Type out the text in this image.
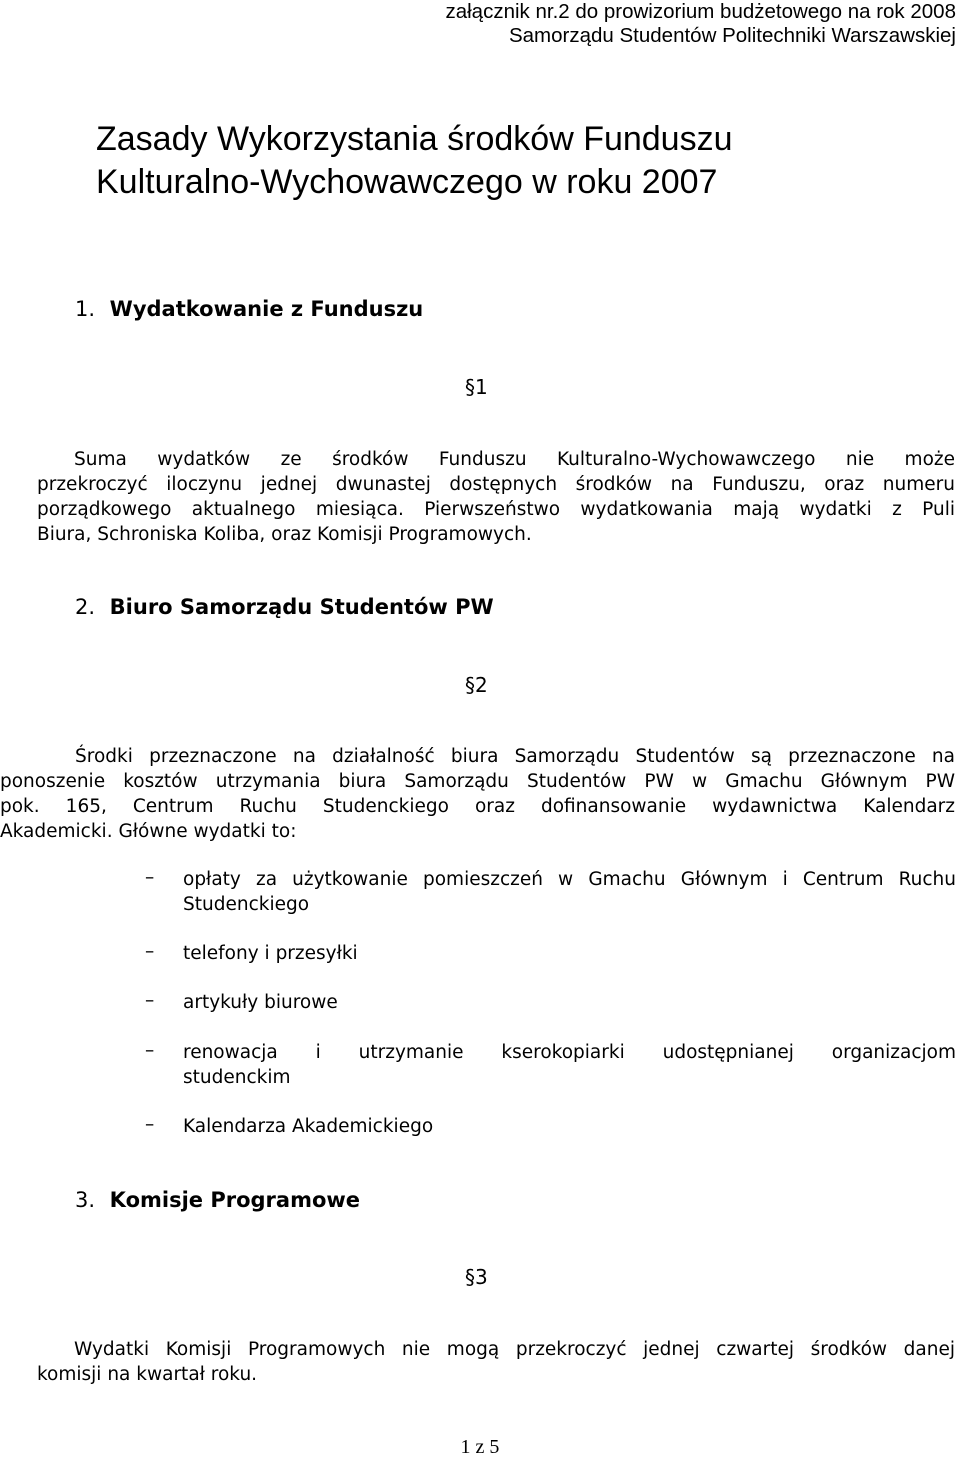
załącznik nr.2 do prowizorium budżetowego na rok 2008
Samorządu Studentów Politechniki Warszawskiej
Zasady Wykorzystania środków Funduszu
Kulturalno-Wychowawczego w roku 2007
1. Wydatkowanie z Funduszu
§1
Suma wydatków ze środków Funduszu Kulturalno-Wychowawczego nie może
przekroczyć iloczynu jednej dwunastej dostępnych środków na Funduszu, oraz numeru
porządkowego aktualnego miesiąca. Pierwszeństwo wydatkowania mają wydatki z Puli
Biura, Schroniska Koliba, oraz Komisji Programowych.
2. Biuro Samorządu Studentów PW
§2
Środki przeznaczone na działalność biura Samorządu Studentów są przeznaczone na
ponoszenie kosztów utrzymania biura Samorządu Studentów PW w Gmachu Głównym PW
pok. 165, Centrum Ruchu Studenckiego oraz dofinansowanie wydawnictwa Kalendarz
Akademicki. Główne wydatki to:
– opłaty za użytkowanie pomieszczeń w Gmachu Głównym i Centrum Ruchu
Studenckiego
– telefony i przesyłki
– artykuły biurowe
– renowacja i utrzymanie kserokopiarki udostępnianej organizacjom
studenckim
– Kalendarza Akademickiego
3. Komisje Programowe
§3
Wydatki Komisji Programowych nie mogą przekroczyć jednej czwartej środków danej
komisji na kwartał roku.
1 z 5
